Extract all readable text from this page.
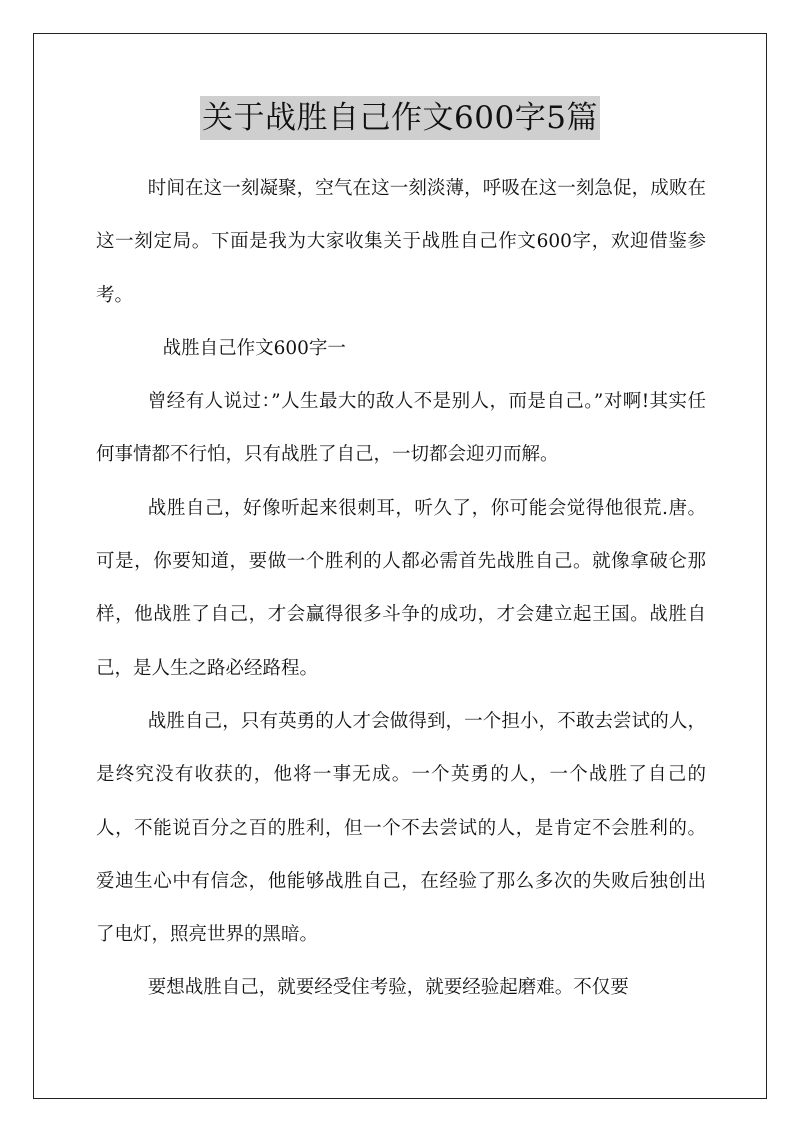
关于战胜自己作文600字5篇

时间在这一刻凝聚，空气在这一刻淡薄，呼吸在这一刻急促，成败在这一刻定局。下面是我为大家收集关于战胜自己作文600字，欢迎借鉴参考。

战胜自己作文600字一

曾经有人说过：”人生最大的敌人不是别人，而是自己。”对啊!其实任何事情都不行怕，只有战胜了自己，一切都会迎刃而解。

战胜自己，好像听起来很刺耳，听久了，你可能会觉得他很荒.唐。可是，你要知道，要做一个胜利的人都必需首先战胜自己。就像拿破仑那样，他战胜了自己，才会赢得很多斗争的成功，才会建立起王国。战胜自己，是人生之路必经路程。

战胜自己，只有英勇的人才会做得到，一个担小，不敢去尝试的人，是终究没有收获的，他将一事无成。一个英勇的人，一个战胜了自己的人，不能说百分之百的胜利，但一个不去尝试的人，是肯定不会胜利的。爱迪生心中有信念，他能够战胜自己，在经验了那么多次的失败后独创出了电灯，照亮世界的黑暗。

要想战胜自己，就要经受住考验，就要经验起磨难。不仅要
